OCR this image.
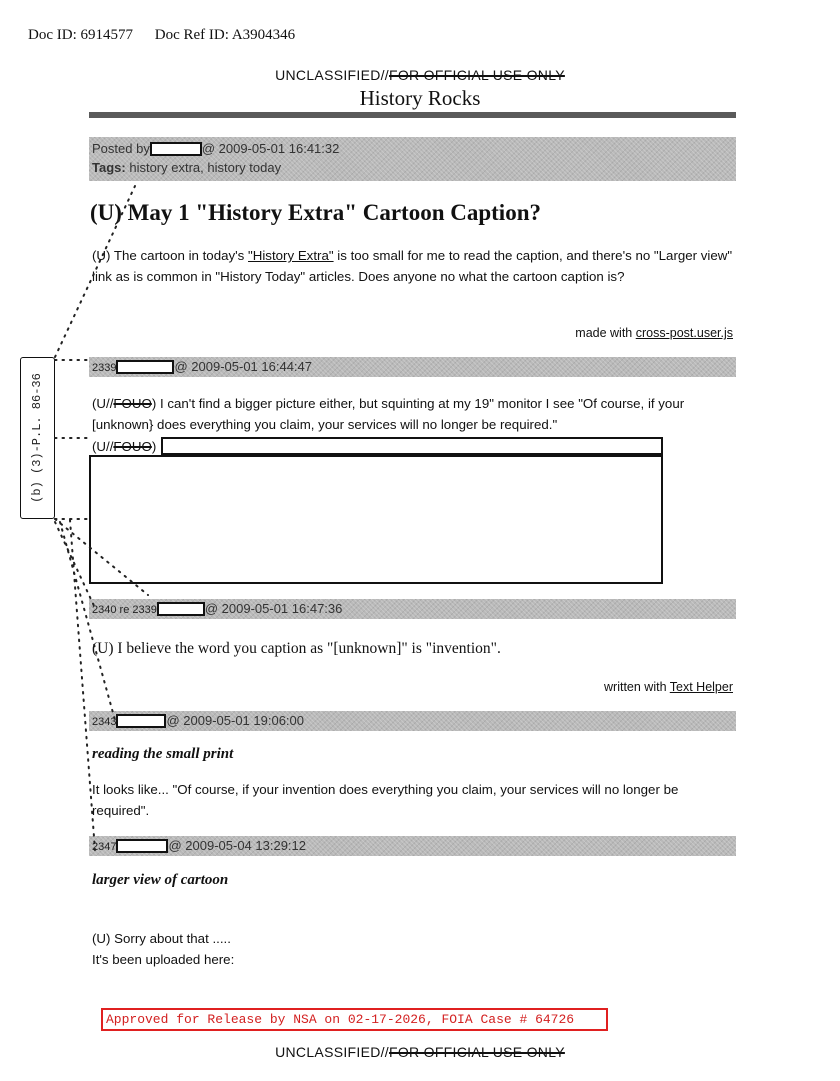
Doc ID: 6914577 Doc Ref ID: A3904346
UNCLASSIFIED//FOR OFFICIAL USE ONLY
History Rocks
Posted by	@ 2009-05-01 16:41:32
Tags: history extra, history today
(U) May 1 "History Extra" Cartoon Caption?
(U) The cartoon in today's "History Extra" is too small for me to read the caption, and there's no "Larger view" link as is common in "History Today" articles. Does anyone no what the cartoon caption is?
made with cross-post.user.js
2339	@ 2009-05-01 16:44:47
(U//FOUO) I can't find a bigger picture either, but squinting at my 19" monitor I see "Of course, if your [unknown} does everything you claim, your services will no longer be required."
(U//FOUO)
2340 re 2339	@ 2009-05-01 16:47:36
(U) I believe the word you caption as "[unknown]" is "invention".
written with Text Helper
2343	@ 2009-05-01 19:06:00
reading the small print
It looks like... "Of course, if your invention does everything you claim, your services will no longer be required".
2347	@ 2009-05-04 13:29:12
larger view of cartoon
(U) Sorry about that .....
It's been uploaded here:
(b) (3)-P.L. 86-36
Approved for Release by NSA on 02-17-2026, FOIA Case # 64726
UNCLASSIFIED//FOR OFFICIAL USE ONLY
